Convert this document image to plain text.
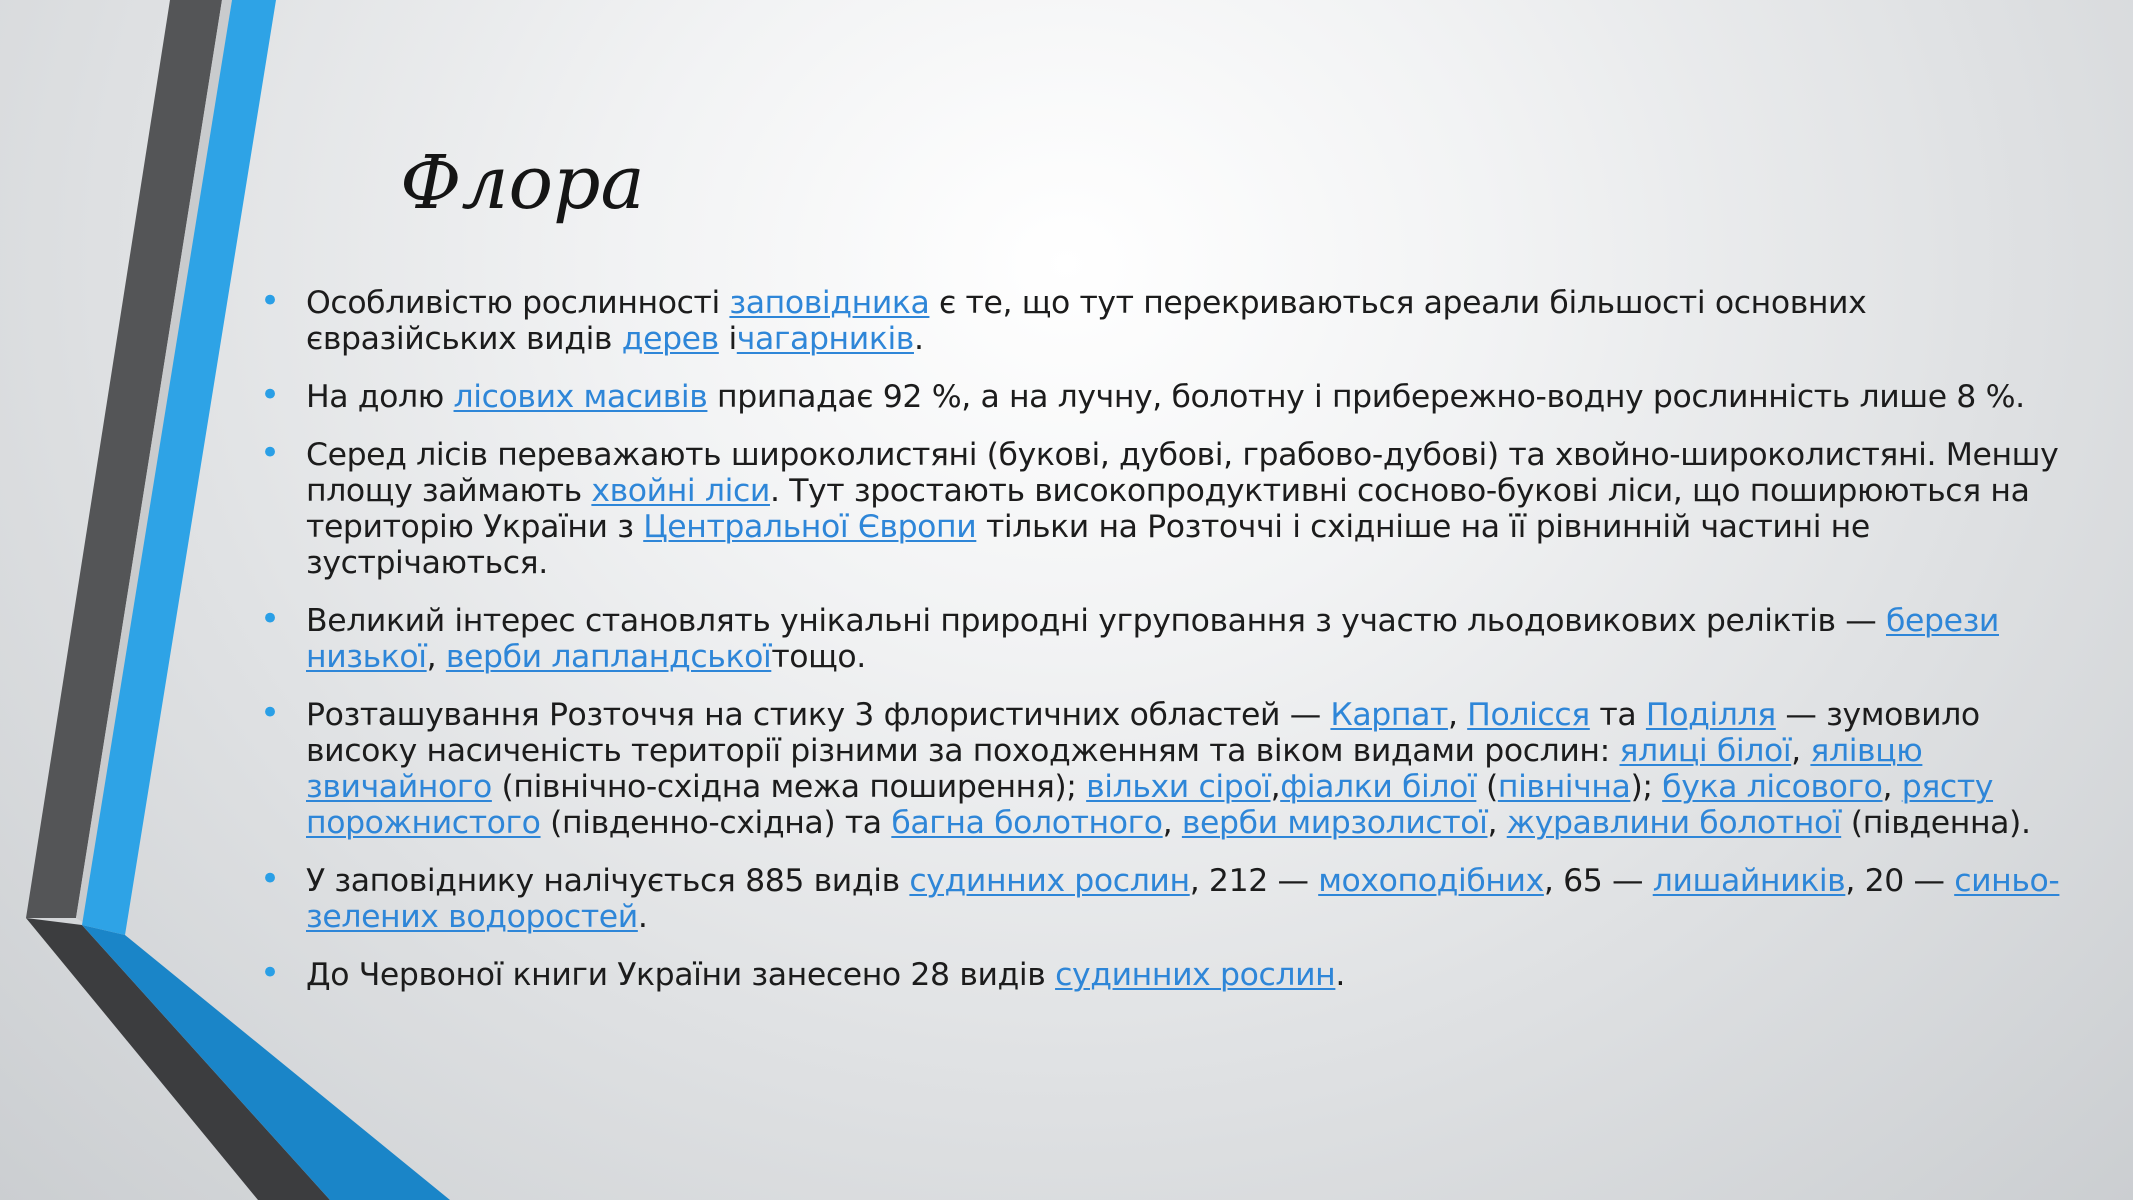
Флора
• Особливістю рослинності заповідника є те, що тут перекриваються ареали більшості основних євразійських видів дерев ічагарників.
• На долю лісових масивів припадає 92 %, а на лучну, болотну і прибережно-водну рослинність лише 8 %.
• Серед лісів переважають широколистяні (букові, дубові, грабово-дубові) та хвойно-широколистяні. Меншу площу займають хвойні ліси. Тут зростають високопродуктивні сосново-букові ліси, що поширюються на територію України з Центральної Європи тільки на Розточчі і східніше на її рівнинній частині не зустрічаються.
• Великий інтерес становлять унікальні природні угруповання з участю льодовикових реліктів — берези низької, верби лапландськоїтощо.
• Розташування Розточчя на стику 3 флористичних областей — Карпат, Полісся та Поділля — зумовило високу насиченість території різними за походженням та віком видами рослин: ялиці білої, ялівцю звичайного (північно-східна межа поширення); вільхи сірої,фіалки білої (північна); бука лісового, рясту порожнистого (південно-східна) та багна болотного, верби мирзолистої, журавлини болотної (південна).
• У заповіднику налічується 885 видів судинних рослин, 212 — мохоподібних, 65 — лишайників, 20 — синьо-зелених водоростей.
• До Червоної книги України занесено 28 видів судинних рослин.
